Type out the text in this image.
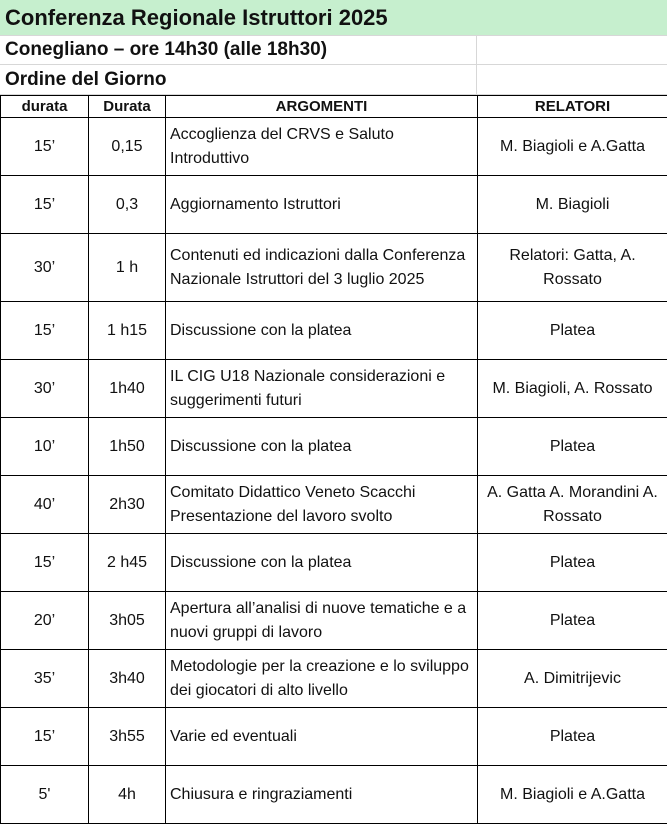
Conferenza Regionale Istruttori 2025
Conegliano – ore 14h30 (alle 18h30)
Ordine del Giorno
durata	Durata	ARGOMENTI	RELATORI
15’	0,15	Accoglienza del CRVS e Saluto Introduttivo	M. Biagioli e A.Gatta
15’	0,3	Aggiornamento Istruttori	M. Biagioli
30’	1 h	Contenuti ed indicazioni dalla Conferenza Nazionale Istruttori del 3 luglio 2025	Relatori: Gatta, A. Rossato
15’	1 h15	Discussione con la platea	Platea
30’	1h40	IL CIG U18 Nazionale considerazioni e suggerimenti futuri	M. Biagioli, A. Rossato
10’	1h50	Discussione con la platea	Platea
40’	2h30	Comitato Didattico Veneto Scacchi Presentazione del lavoro svolto	A. Gatta A. Morandini A. Rossato
15’	2 h45	Discussione con la platea	Platea
20’	3h05	Apertura all’analisi di nuove tematiche e a nuovi gruppi di lavoro	Platea
35’	3h40	Metodologie per la creazione e lo sviluppo dei giocatori di alto livello	A. Dimitrijevic
15’	3h55	Varie ed eventuali	Platea
5'	4h	Chiusura e ringraziamenti	M. Biagioli e A.Gatta
